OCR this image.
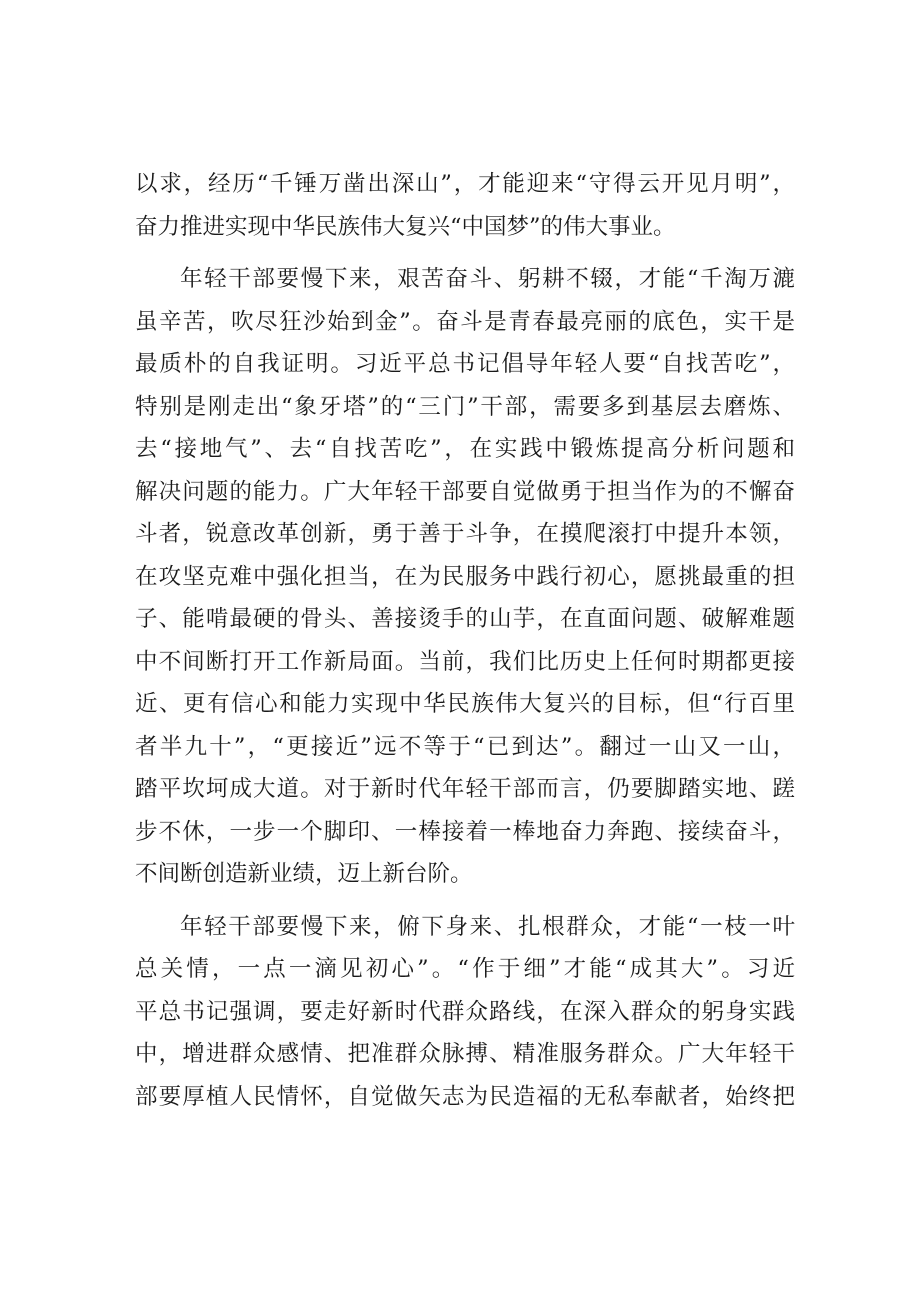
以求，经历“千锤万凿出深山”，才能迎来“守得云开见月明”，
奋力推进实现中华民族伟大复兴“中国梦”的伟大事业。
年轻干部要慢下来，艰苦奋斗、躬耕不辍，才能“千淘万漉
虽辛苦，吹尽狂沙始到金”。奋斗是青春最亮丽的底色，实干是
最质朴的自我证明。习近平总书记倡导年轻人要“自找苦吃”，
特别是刚走出“象牙塔”的“三门”干部，需要多到基层去磨炼、
去“接地气”、去“自找苦吃”，在实践中锻炼提高分析问题和
解决问题的能力。广大年轻干部要自觉做勇于担当作为的不懈奋
斗者，锐意改革创新，勇于善于斗争，在摸爬滚打中提升本领，
在攻坚克难中强化担当，在为民服务中践行初心，愿挑最重的担
子、能啃最硬的骨头、善接烫手的山芋，在直面问题、破解难题
中不间断打开工作新局面。当前，我们比历史上任何时期都更接
近、更有信心和能力实现中华民族伟大复兴的目标，但“行百里
者半九十”，“更接近”远不等于“已到达”。翻过一山又一山，
踏平坎坷成大道。对于新时代年轻干部而言，仍要脚踏实地、蹉
步不休，一步一个脚印、一棒接着一棒地奋力奔跑、接续奋斗，
不间断创造新业绩，迈上新台阶。
年轻干部要慢下来，俯下身来、扎根群众，才能“一枝一叶
总关情，一点一滴见初心”。“作于细”才能“成其大”。习近
平总书记强调，要走好新时代群众路线，在深入群众的躬身实践
中，增进群众感情、把准群众脉搏、精准服务群众。广大年轻干
部要厚植人民情怀，自觉做矢志为民造福的无私奉献者，始终把
